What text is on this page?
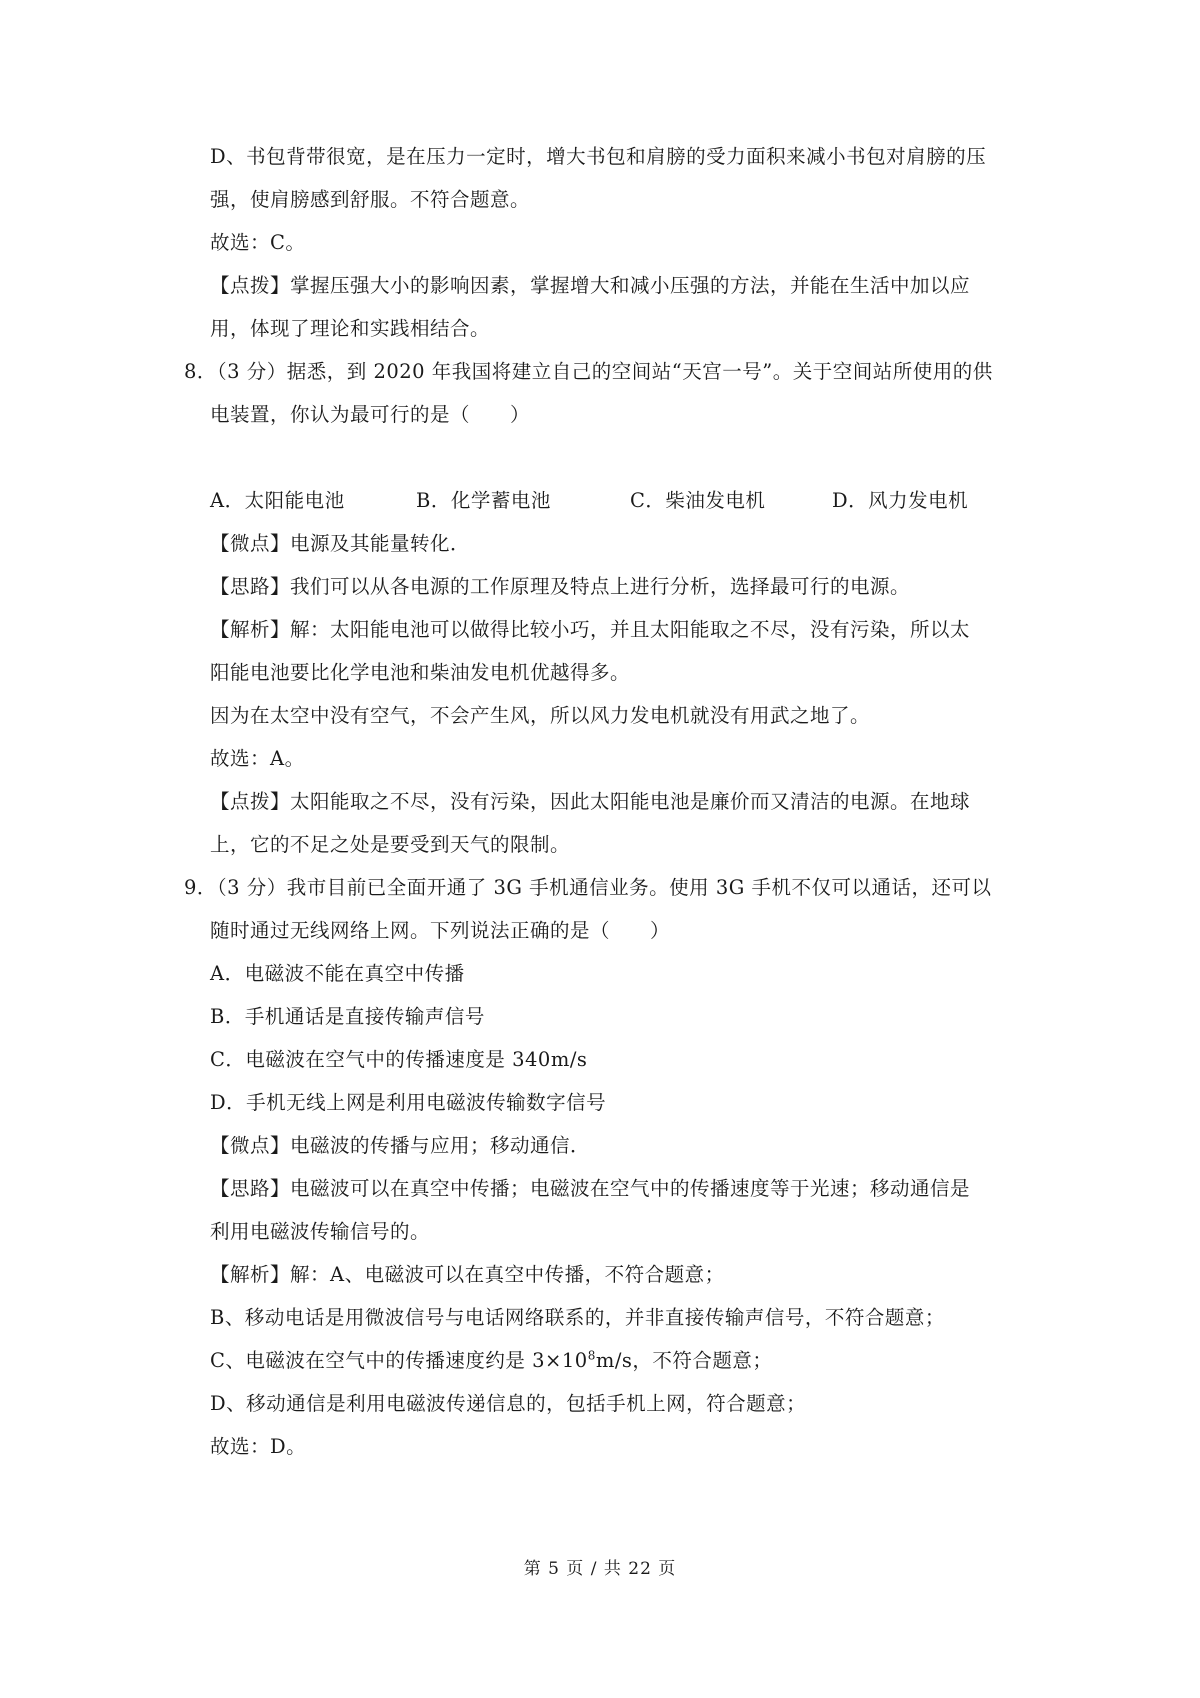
D、书包背带很宽，是在压力一定时，增大书包和肩膀的受力面积来减小书包对肩膀的压
强，使肩膀感到舒服。不符合题意。
故选：C。
【点拨】掌握压强大小的影响因素，掌握增大和减小压强的方法，并能在生活中加以应
用，体现了理论和实践相结合。
8．（3 分）据悉，到 2020 年我国将建立自己的空间站“天宫一号”。关于空间站所使用的供
电装置，你认为最可行的是（　　）
A．太阳能电池	B．化学蓄电池	C．柴油发电机	D．风力发电机
【微点】电源及其能量转化．
【思路】我们可以从各电源的工作原理及特点上进行分析，选择最可行的电源。
【解析】解：太阳能电池可以做得比较小巧，并且太阳能取之不尽，没有污染，所以太
阳能电池要比化学电池和柴油发电机优越得多。
因为在太空中没有空气，不会产生风，所以风力发电机就没有用武之地了。
故选：A。
【点拨】太阳能取之不尽，没有污染，因此太阳能电池是廉价而又清洁的电源。在地球
上，它的不足之处是要受到天气的限制。
9．（3 分）我市目前已全面开通了 3G 手机通信业务。使用 3G 手机不仅可以通话，还可以
随时通过无线网络上网。下列说法正确的是（　　）
A．电磁波不能在真空中传播
B．手机通话是直接传输声信号
C．电磁波在空气中的传播速度是 340m/s
D．手机无线上网是利用电磁波传输数字信号
【微点】电磁波的传播与应用；移动通信．
【思路】电磁波可以在真空中传播；电磁波在空气中的传播速度等于光速；移动通信是
利用电磁波传输信号的。
【解析】解：A、电磁波可以在真空中传播，不符合题意；
B、移动电话是用微波信号与电话网络联系的，并非直接传输声信号，不符合题意；
C、电磁波在空气中的传播速度约是 $3\times 10^8m/s$，不符合题意；
D、移动通信是利用电磁波传递信息的，包括手机上网，符合题意；
故选：D。
第 5 页 / 共 22 页
